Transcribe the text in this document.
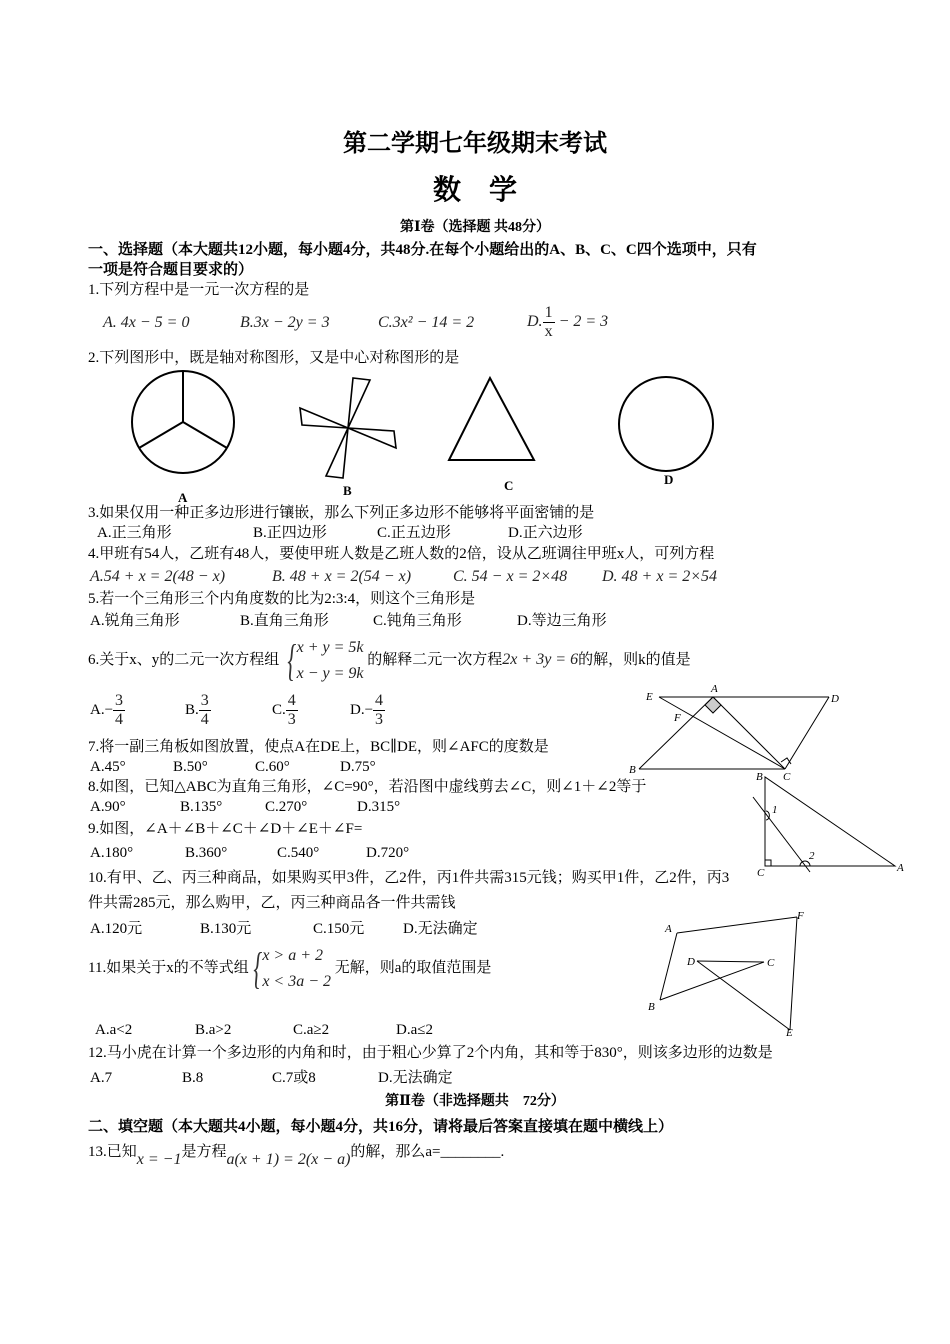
第二学期七年级期末考试
数　学
第Ⅰ卷（选择题 共48分）
一、选择题（本大题共12小题，每小题4分，共48分.在每个小题给出的A、B、C、C四个选项中，只有
一项是符合题目要求的）
1.下列方程中是一元一次方程的是
A. 4x − 5 = 0	B.3x − 2y = 3	C.3x² − 14 = 2	D. $\frac{1}{x} - 2 = 3$
2.下列图形中，既是轴对称图形，又是中心对称图形的是
3.如果仅用一种正多边形进行镶嵌，那么下列正多边形不能够将平面密铺的是
A.正三角形	B.正四边形	C.正五边形	D.正六边形
4.甲班有54人，乙班有48人，要使甲班人数是乙班人数的2倍，设从乙班调往甲班x人，可列方程
A.54 + x = 2(48 − x)	B. 48 + x = 2(54 − x)	C. 54 − x = 2×48 D. 48 + x = 2×54
5.若一个三角形三个内角度数的比为2:3:4，则这个三角形是
A.锐角三角形	B.直角三角形	C.钝角三角形	D.等边三角形
6.关于x、y的二元一次方程组 { x + y = 5k
x − y = 9k
的解释二元一次方程2x + 3y = 6的解，则k的值是
$A.- \frac{3}{4}$	B. $\frac{3}{4}$	C. $\frac{4}{3}$	$D.- \frac{4}{3}$
7.将一副三角板如图放置，使点A在DE上，BC∥DE，则∠AFC的度数是
A.45°	B.50°	C.60°	D.75°
8.如图，已知△ABC为直角三角形，∠C=90°，若沿图中虚线剪去∠C，则∠1＋∠2等于
A.90°	B.135°	C.270°	D.315°
9.如图，∠A＋∠B＋∠C＋∠D＋∠E＋∠F=
A.180°	B.360°	C.540°	D.720°
10.有甲、乙、丙三种商品，如果购买甲3件，乙2件，丙1件共需315元钱；购买甲1件，乙2件，丙3
件共需285元，那么购甲，乙，丙三种商品各一件共需钱
A.120元	B.130元	C.150元	D.无法确定
11.如果关于x的不等式组 { x > a + 2
x < 3a − 2
无解，则a的取值范围是
A.a<2	B.a>2	C.a≥2	D.a≤2
12.马小虎在计算一个多边形的内角和时，由于粗心少算了2个内角，其和等于830°，则该多边形的边数是
A.7	B.8	C.7或8	D.无法确定
第Ⅱ卷（非选择题共　72分）
二、填空题（本大题共4小题，每小题4分，共16分，请将最后答案直接填在题中横线上）
13.已知x = −1是方程a(x + 1) = 2(x − a)的解，那么a=________.
A	B	C	D
E
A
D
F
B
C
B
1
2
C	A
A
F
D	C
B
E
